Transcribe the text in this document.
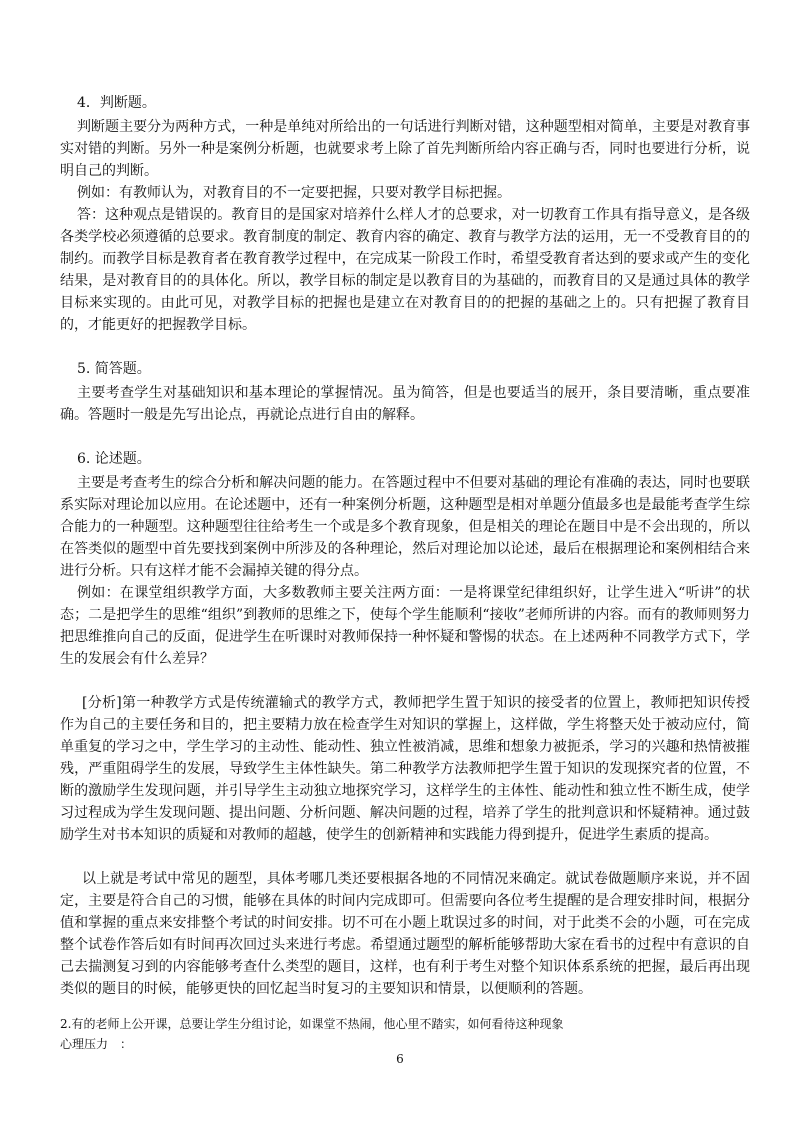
4．判断题。

判断题主要分为两种方式，一种是单纯对所给出的一句话进行判断对错，这种题型相对简单，主要是对教育事实对错的判断。另外一种是案例分析题，也就要求考上除了首先判断所给内容正确与否，同时也要进行分析，说明自己的判断。

例如：有教师认为，对教育目的不一定要把握，只要对教学目标把握。

答：这种观点是错误的。教育目的是国家对培养什么样人才的总要求，对一切教育工作具有指导意义，是各级各类学校必须遵循的总要求。教育制度的制定、教育内容的确定、教育与教学方法的运用，无一不受教育目的的制约。而教学目标是教育者在教育教学过程中，在完成某一阶段工作时，希望受教育者达到的要求或产生的变化结果，是对教育目的的具体化。所以，教学目标的制定是以教育目的为基础的，而教育目的又是通过具体的教学目标来实现的。由此可见，对教学目标的把握也是建立在对教育目的的把握的基础之上的。只有把握了教育目的，才能更好的把握教学目标。

5. 简答题。

主要考查学生对基础知识和基本理论的掌握情况。虽为简答，但是也要适当的展开，条目要清晰，重点要准确。答题时一般是先写出论点，再就论点进行自由的解释。

6. 论述题。

主要是考查考生的综合分析和解决问题的能力。在答题过程中不但要对基础的理论有准确的表达，同时也要联系实际对理论加以应用。在论述题中，还有一种案例分析题，这种题型是相对单题分值最多也是最能考查学生综合能力的一种题型。这种题型往往给考生一个或是多个教育现象，但是相关的理论在题目中是不会出现的，所以在答类似的题型中首先要找到案例中所涉及的各种理论，然后对理论加以论述，最后在根据理论和案例相结合来进行分析。只有这样才能不会漏掉关键的得分点。

例如：在课堂组织教学方面，大多数教师主要关注两方面：一是将课堂纪律组织好，让学生进入“听讲”的状态；二是把学生的思维“组织”到教师的思维之下，使每个学生能顺利“接收”老师所讲的内容。而有的教师则努力把思维推向自己的反面，促进学生在听课时对教师保持一种怀疑和警惕的状态。在上述两种不同教学方式下，学生的发展会有什么差异？

[分析]第一种教学方式是传统灌输式的教学方式，教师把学生置于知识的接受者的位置上，教师把知识传授作为自己的主要任务和目的，把主要精力放在检查学生对知识的掌握上，这样做，学生将整天处于被动应付，简单重复的学习之中，学生学习的主动性、能动性、独立性被消减，思维和想象力被扼杀，学习的兴趣和热情被摧残，严重阻碍学生的发展，导致学生主体性缺失。第二种教学方法教师把学生置于知识的发现探究者的位置，不断的激励学生发现问题，并引导学生主动独立地探究学习，这样学生的主体性、能动性和独立性不断生成，使学习过程成为学生发现问题、提出问题、分析问题、解决问题的过程，培养了学生的批判意识和怀疑精神。通过鼓励学生对书本知识的质疑和对教师的超越，使学生的创新精神和实践能力得到提升，促进学生素质的提高。

以上就是考试中常见的题型，具体考哪几类还要根据各地的不同情况来确定。就试卷做题顺序来说，并不固定，主要是符合自己的习惯，能够在具体的时间内完成即可。但需要向各位考生提醒的是合理安排时间，根据分值和掌握的重点来安排整个考试的时间安排。切不可在小题上耽误过多的时间，对于此类不会的小题，可在完成整个试卷作答后如有时间再次回过头来进行考虑。希望通过题型的解析能够帮助大家在看书的过程中有意识的自己去揣测复习到的内容能够考查什么类型的题目，这样，也有利于考生对整个知识体系系统的把握，最后再出现类似的题目的时候，能够更快的回忆起当时复习的主要知识和情景，以便顺利的答题。

2.有的老师上公开课，总要让学生分组讨论，如课堂不热闹，他心里不踏实，如何看待这种现象

心理压力　：

6
